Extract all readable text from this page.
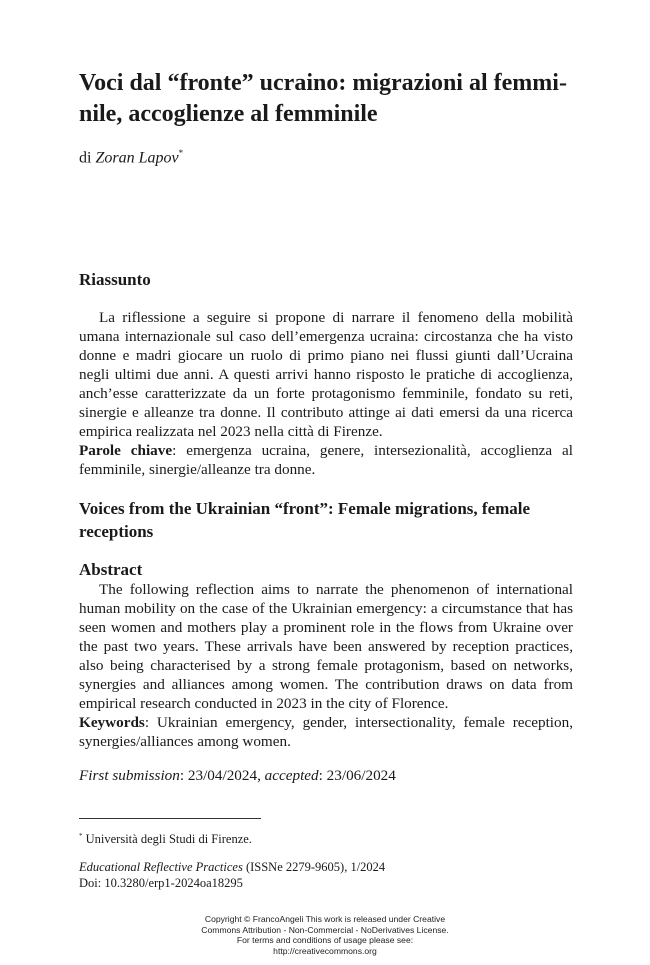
Voci dal “fronte” ucraino: migrazioni al femmi-nile, accoglienze al femminile
di Zoran Lapov*
Riassunto

La riflessione a seguire si propone di narrare il fenomeno della mobilità umana internazionale sul caso dell’emergenza ucraina: circostanza che ha visto donne e madri giocare un ruolo di primo piano nei flussi giunti dall’Ucraina negli ultimi due anni. A questi arrivi hanno risposto le pratiche di accoglienza, anch’esse caratterizzate da un forte protagonismo femminile, fondato su reti, sinergie e alleanze tra donne. Il contributo attinge ai dati emersi da una ricerca empirica realizzata nel 2023 nella città di Firenze.
Parole chiave: emergenza ucraina, genere, intersezionalità, accoglienza al femminile, sinergie/alleanze tra donne.

Voices from the Ukrainian “front”: Female migrations, female receptions
Abstract

The following reflection aims to narrate the phenomenon of international human mobility on the case of the Ukrainian emergency: a circumstance that has seen women and mothers play a prominent role in the flows from Ukraine over the past two years. These arrivals have been answered by reception practices, also being characterised by a strong female protagonism, based on networks, synergies and alliances among women. The contribution draws on data from empirical research conducted in 2023 in the city of Florence.
Keywords: Ukrainian emergency, gender, intersectionality, female reception, synergies/alliances among women.

First submission: 23/04/2024, accepted: 23/06/2024
* Università degli Studi di Firenze.
Educational Reflective Practices (ISSNe 2279-9605), 1/2024
Doi: 10.3280/erp1-2024oa18295
Copyright © FrancoAngeli This work is released under Creative
Commons Attribution - Non-Commercial - NoDerivatives License.
For terms and conditions of usage please see:
http://creativecommons.org
